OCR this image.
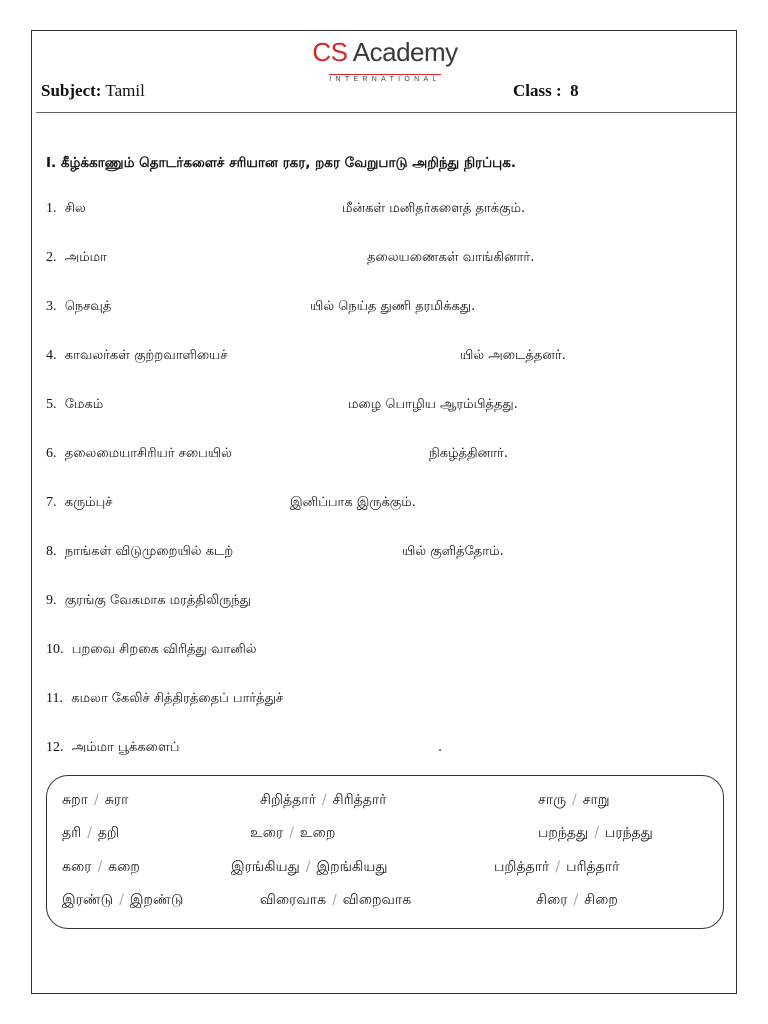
CS Academy
INTERNATIONAL
Subject: Tamil	Class : 8
I. கீழ்க்காணும் தொடர்களைச் சரியான ரகர, றகர வேறுபாடு அறிந்து நிரப்புக.
1. சில	மீன்கள் மனிதர்களைத் தாக்கும்.
2. அம்மா	தலையணைகள் வாங்கினார்.
3. நெசவுத்	யில் நெய்த துணி தரமிக்கது.
4. காவலர்கள் குற்றவாளியைச்	யில் அடைத்தனர்.
5. மேகம்	மழை பொழிய ஆரம்பித்தது.
6. தலைமையாசிரியர் சபையில்	நிகழ்த்தினார்.
7. கரும்புச்	இனிப்பாக இருக்கும்.
8. நாங்கள் விடுமுறையில் கடற்	யில் குளித்தோம்.
9. குரங்கு வேகமாக மரத்திலிருந்து
10. பறவை சிறகை விரித்து வானில்
11. கமலா கேலிச் சித்திரத்தைப் பார்த்துச்
12. அம்மா பூக்களைப்	.
சுறா / சுரா	சிறித்தார் / சிரித்தார்	சாரு / சாறு
தரி / தறி	உரை / உறை	பறந்தது / பரந்தது
கரை / கறை	இரங்கியது / இறங்கியது	பறித்தார் / பரித்தார்
இரண்டு / இறண்டு	விரைவாக / விறைவாக	சிரை / சிறை
